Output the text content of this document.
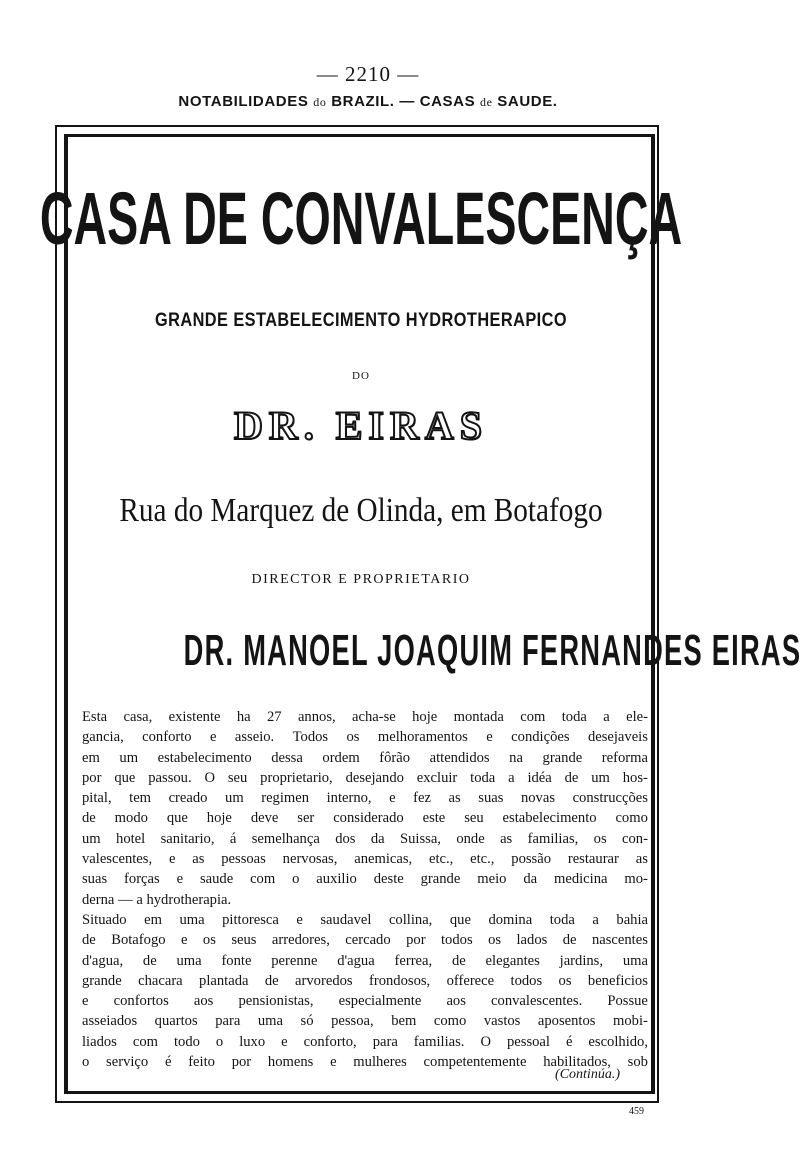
— 2210 —
NOTABILIDADES do BRAZIL. — CASAS de SAUDE.
CASA DE CONVALESCENÇA
GRANDE ESTABELECIMENTO HYDROTHERAPICO
DO
DR. EIRAS
Rua do Marquez de Olinda, em Botafogo
DIRECTOR E PROPRIETARIO
DR. MANOEL JOAQUIM FERNANDES EIRAS
Esta casa, existente ha 27 annos, acha-se hoje montada com toda a ele-
gancia, conforto e asseio. Todos os melhoramentos e condições desejaveis
em um estabelecimento dessa ordem fôrão attendidos na grande reforma
por que passou. O seu proprietario, desejando excluir toda a idéa de um hos-
pital, tem creado um regimen interno, e fez as suas novas construcções
de modo que hoje deve ser considerado este seu estabelecimento como
um hotel sanitario, á semelhança dos da Suissa, onde as familias, os con-
valescentes, e as pessoas nervosas, anemicas, etc., etc., possão restaurar as
suas forças e saude com o auxilio deste grande meio da medicina mo-
derna — a hydrotherapia.
Situado em uma pittoresca e saudavel collina, que domina toda a bahia
de Botafogo e os seus arredores, cercado por todos os lados de nascentes
d'agua, de uma fonte perenne d'agua ferrea, de elegantes jardins, uma
grande chacara plantada de arvoredos frondosos, offerece todos os beneficios
e confortos aos pensionistas, especialmente aos convalescentes. Possue
asseiados quartos para uma só pessoa, bem como vastos aposentos mobi-
liados com todo o luxo e conforto, para familias. O pessoal é escolhido,
o serviço é feito por homens e mulheres competentemente habilitados, sob
(Continúa.)
459
